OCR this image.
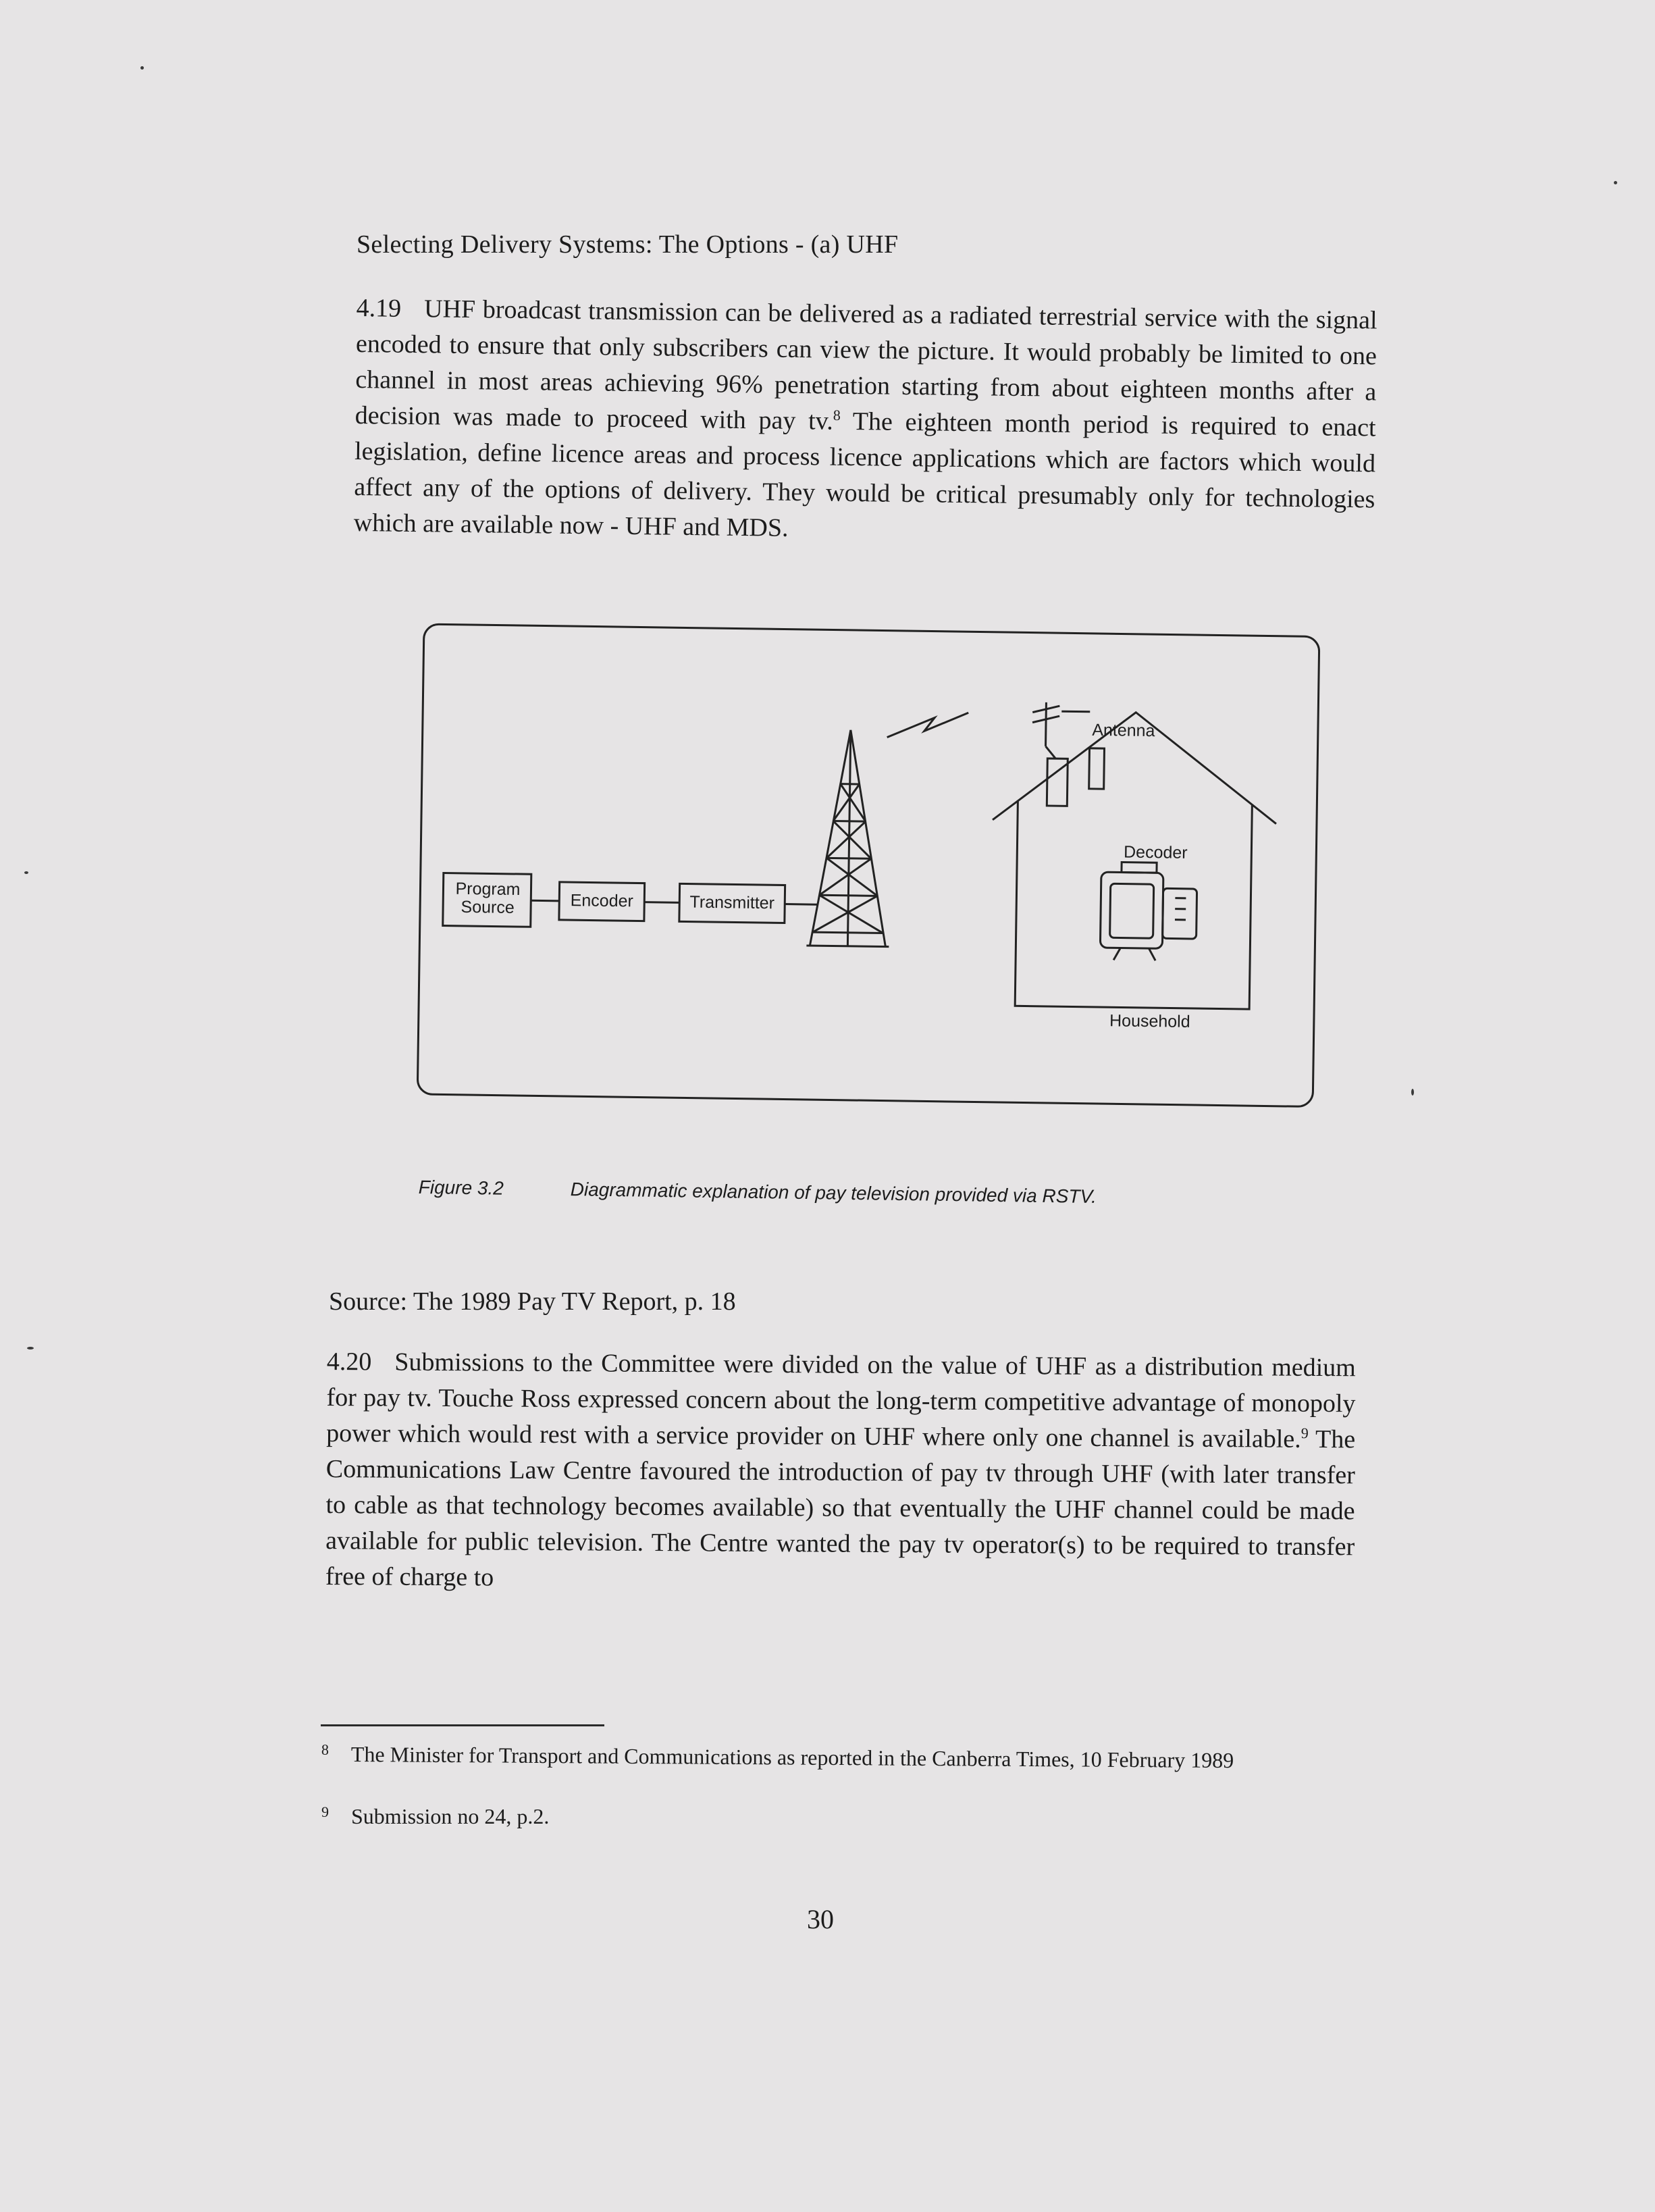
Selecting Delivery Systems: The Options - (a) UHF

4.19 UHF broadcast transmission can be delivered as a radiated terrestrial service with the signal encoded to ensure that only subscribers can view the picture. It would probably be limited to one channel in most areas achieving 96% penetration starting from about eighteen months after a decision was made to proceed with pay tv.$^8$ The eighteen month period is required to enact legislation, define licence areas and process licence applications which are factors which would affect any of the options of delivery. They would be critical presumably only for technologies which are available now - UHF and MDS.

Program Source	Encoder	Transmitter
Antenna
Decoder
Household
Figure 3.2	Diagrammatic explanation of pay television provided via RSTV.
Source: The 1989 Pay TV Report, p. 18

4.20 Submissions to the Committee were divided on the value of UHF as a distribution medium for pay tv. Touche Ross expressed concern about the long-term competitive advantage of monopoly power which would rest with a service provider on UHF where only one channel is available.$^9$ The Communications Law Centre favoured the introduction of pay tv through UHF (with later transfer to cable as that technology becomes available) so that eventually the UHF channel could be made available for public television. The Centre wanted the pay tv operator(s) to be required to transfer free of charge to

8 The Minister for Transport and Communications as reported in the Canberra Times, 10 February 1989
9 Submission no 24, p.2.
30
